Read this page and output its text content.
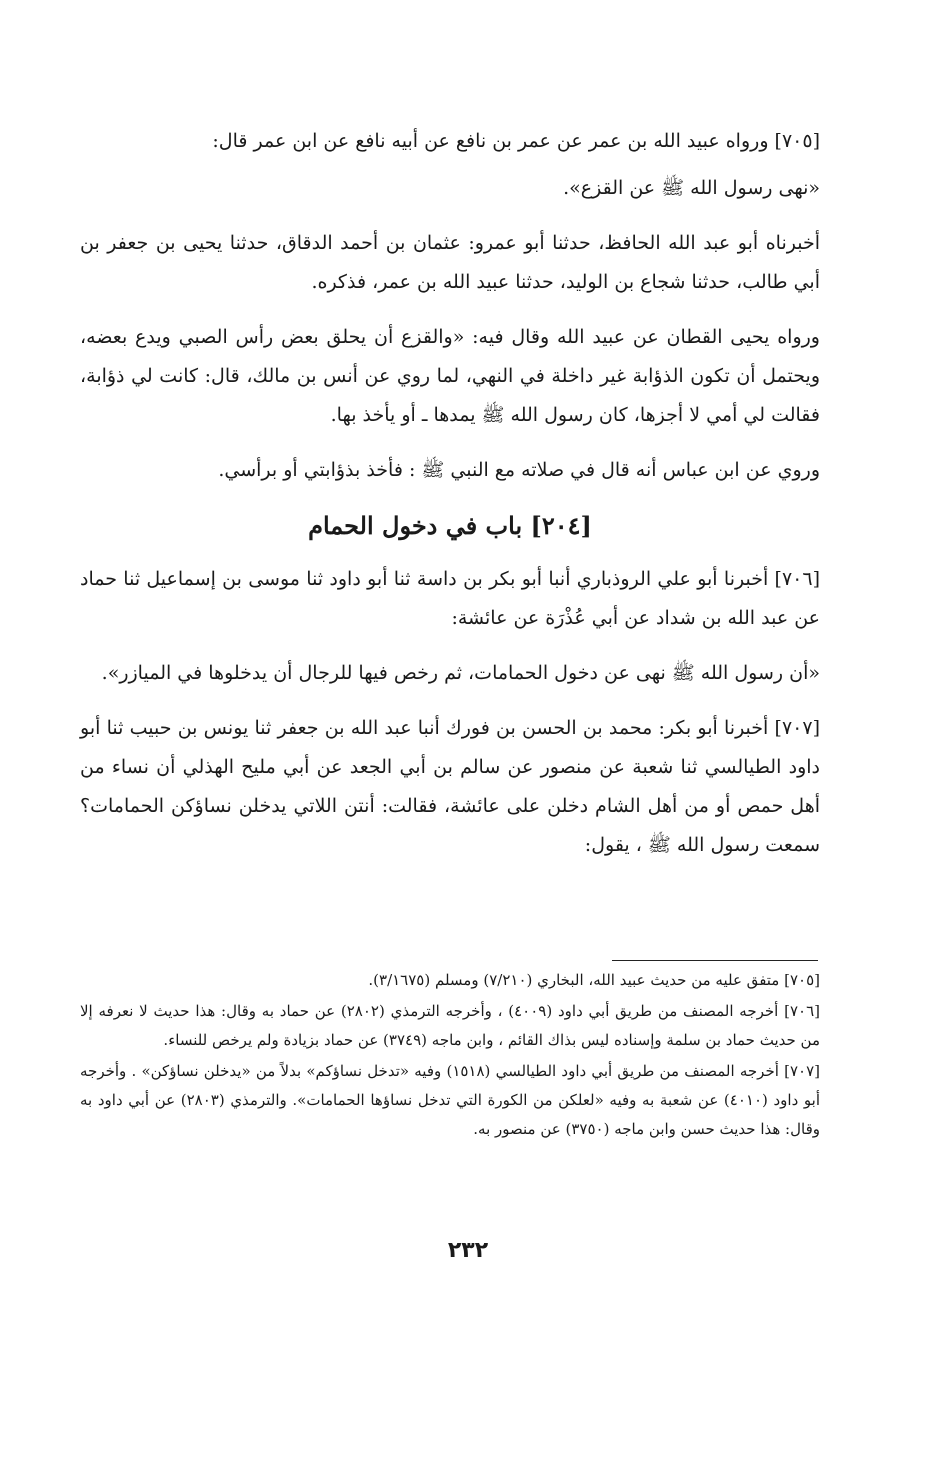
[٧٠٥] ورواه عبيد الله بن عمر عن عمر بن نافع عن أبيه نافع عن ابن عمر قال:

«نهى رسول الله ﷺ عن القزع».

أخبرناه أبو عبد الله الحافظ، حدثنا أبو عمرو: عثمان بن أحمد الدقاق، حدثنا يحيى بن جعفر بن أبي طالب، حدثنا شجاع بن الوليد، حدثنا عبيد الله بن عمر، فذكره.

ورواه يحيى القطان عن عبيد الله وقال فيه: «والقزع أن يحلق بعض رأس الصبي ويدع بعضه، ويحتمل أن تكون الذؤابة غير داخلة في النهي، لما روي عن أنس بن مالك، قال: كانت لي ذؤابة، فقالت لي أمي لا أجزها، كان رسول الله ﷺ يمدها ـ أو يأخذ بها.

وروي عن ابن عباس أنه قال في صلاته مع النبي ﷺ : فأخذ بذؤابتي أو برأسي.

[٢٠٤] باب في دخول الحمام

[٧٠٦] أخبرنا أبو علي الروذباري أنبا أبو بكر بن داسة ثنا أبو داود ثنا موسى بن إسماعيل ثنا حماد عن عبد الله بن شداد عن أبي عُذْرَة عن عائشة:

«أن رسول الله ﷺ نهى عن دخول الحمامات، ثم رخص فيها للرجال أن يدخلوها في الميازر».

[٧٠٧] أخبرنا أبو بكر: محمد بن الحسن بن فورك أنبا عبد الله بن جعفر ثنا يونس بن حبيب ثنا أبو داود الطيالسي ثنا شعبة عن منصور عن سالم بن أبي الجعد عن أبي مليح الهذلي أن نساء من أهل حمص أو من أهل الشام دخلن على عائشة، فقالت: أنتن اللاتي يدخلن نساؤكن الحمامات؟ سمعت رسول الله ﷺ ، يقول:

[٧٠٥] متفق عليه من حديث عبيد الله، البخاري (٧/٢١٠) ومسلم (٣/١٦٧٥).

[٧٠٦] أخرجه المصنف من طريق أبي داود (٤٠٠٩) ، وأخرجه الترمذي (٢٨٠٢) عن حماد به وقال: هذا حديث لا نعرفه إلا من حديث حماد بن سلمة وإسناده ليس بذاك القائم ، وابن ماجه (٣٧٤٩) عن حماد بزيادة ولم يرخص للنساء.

[٧٠٧] أخرجه المصنف من طريق أبي داود الطيالسي (١٥١٨) وفيه «تدخل نساؤكم» بدلاً من «يدخلن نساؤكن» . وأخرجه أبو داود (٤٠١٠) عن شعبة به وفيه «لعلكن من الكورة التي تدخل نساؤها الحمامات». والترمذي (٢٨٠٣) عن أبي داود به وقال: هذا حديث حسن وابن ماجه (٣٧٥٠) عن منصور به.

٢٣٢
